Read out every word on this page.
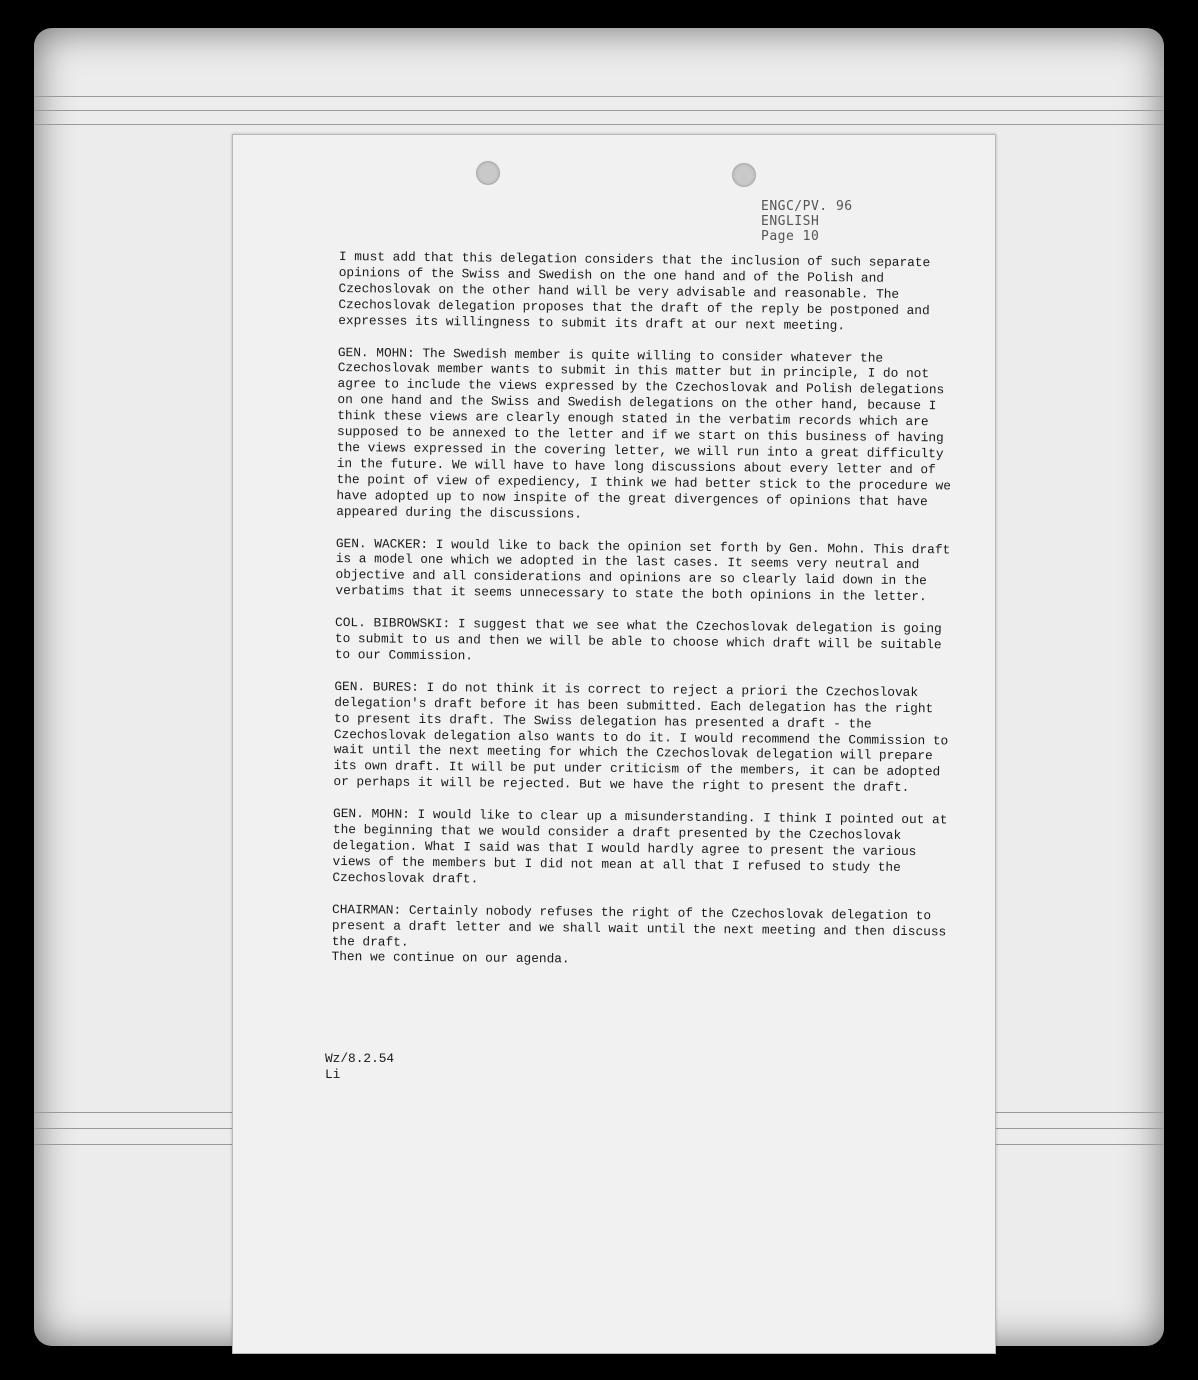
ENGC/PV. 96
ENGLISH
Page 10

I must add that this delegation considers that the inclusion of such separate opinions of the Swiss and Swedish on the one hand and of the Polish and Czechoslovak on the other hand will be very advisable and reasonable. The Czechoslovak delegation proposes that the draft of the reply be postponed and expresses its willingness to submit its draft at our next meeting.

GEN. MOHN: The Swedish member is quite willing to consider whatever the Czechoslovak member wants to submit in this matter but in principle, I do not agree to include the views expressed by the Czechoslovak and Polish delegations on one hand and the Swiss and Swedish delegations on the other hand, because I think these views are clearly enough stated in the verbatim records which are supposed to be annexed to the letter and if we start on this business of having the views expressed in the covering letter, we will run into a great difficulty in the future. We will have to have long discussions about every letter and of the point of view of expediency, I think we had better stick to the procedure we have adopted up to now inspite of the great divergences of opinions that have appeared during the discussions.

GEN. WACKER: I would like to back the opinion set forth by Gen. Mohn. This draft is a model one which we adopted in the last cases. It seems very neutral and objective and all considerations and opinions are so clearly laid down in the verbatims that it seems unnecessary to state the both opinions in the letter.

COL. BIBROWSKI: I suggest that we see what the Czechoslovak delegation is going to submit to us and then we will be able to choose which draft will be suitable to our Commission.

GEN. BURES: I do not think it is correct to reject a priori the Czechoslovak delegation's draft before it has been submitted. Each delegation has the right to present its draft. The Swiss delegation has presented a draft - the Czechoslovak delegation also wants to do it. I would recommend the Commission to wait until the next meeting for which the Czechoslovak delegation will prepare its own draft. It will be put under criticism of the members, it can be adopted or perhaps it will be rejected. But we have the right to present the draft.

GEN. MOHN: I would like to clear up a misunderstanding. I think I pointed out at the beginning that we would consider a draft presented by the Czechoslovak delegation. What I said was that I would hardly agree to present the various views of the members but I did not mean at all that I refused to study the Czechoslovak draft.

CHAIRMAN: Certainly nobody refuses the right of the Czechoslovak delegation to present a draft letter and we shall wait until the next meeting and then discuss the draft.
Then we continue on our agenda.

Wz/8.2.54
Li
